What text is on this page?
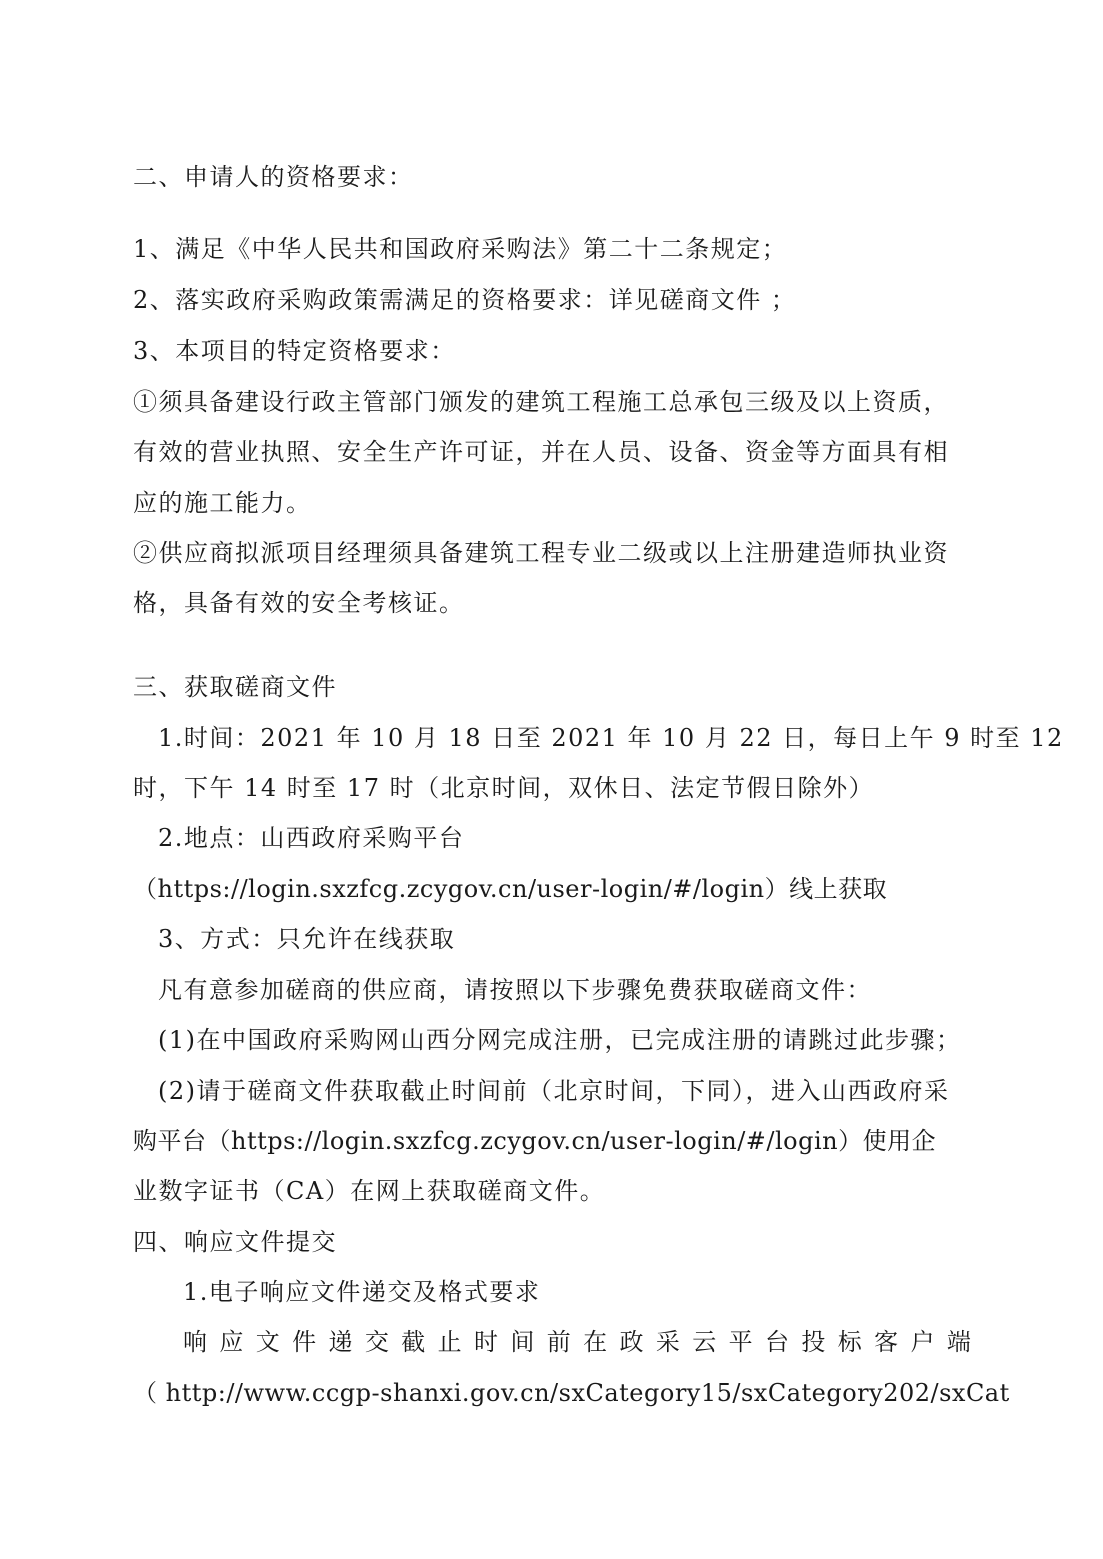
二、申请人的资格要求：
1、满足《中华人民共和国政府采购法》第二十二条规定；
2、落实政府采购政策需满足的资格要求：详见磋商文件 ；
3、本项目的特定资格要求：
①须具备建设行政主管部门颁发的建筑工程施工总承包三级及以上资质，
有效的营业执照、安全生产许可证，并在人员、设备、资金等方面具有相
应的施工能力。
②供应商拟派项目经理须具备建筑工程专业二级或以上注册建造师执业资
格，具备有效的安全考核证。
三、获取磋商文件
1.时间：2021 年 10 月 18 日至 2021 年 10 月 22 日，每日上午 9 时至 12
时，下午 14 时至 17 时（北京时间，双休日、法定节假日除外）
2.地点：山西政府采购平台
（https://login.sxzfcg.zcygov.cn/user-login/#/login）线上获取
3、方式：只允许在线获取
凡有意参加磋商的供应商，请按照以下步骤免费获取磋商文件：
(1)在中国政府采购网山西分网完成注册，已完成注册的请跳过此步骤；
(2)请于磋商文件获取截止时间前（北京时间，下同），进入山西政府采
购平台（https://login.sxzfcg.zcygov.cn/user-login/#/login）使用企
业数字证书（CA）在网上获取磋商文件。
四、响应文件提交
1.电子响应文件递交及格式要求
响 应 文 件 递 交 截 止 时 间 前 在 政 采 云 平 台 投 标 客 户 端
（ http://www.ccgp-shanxi.gov.cn/sxCategory15/sxCategory202/sxCat
